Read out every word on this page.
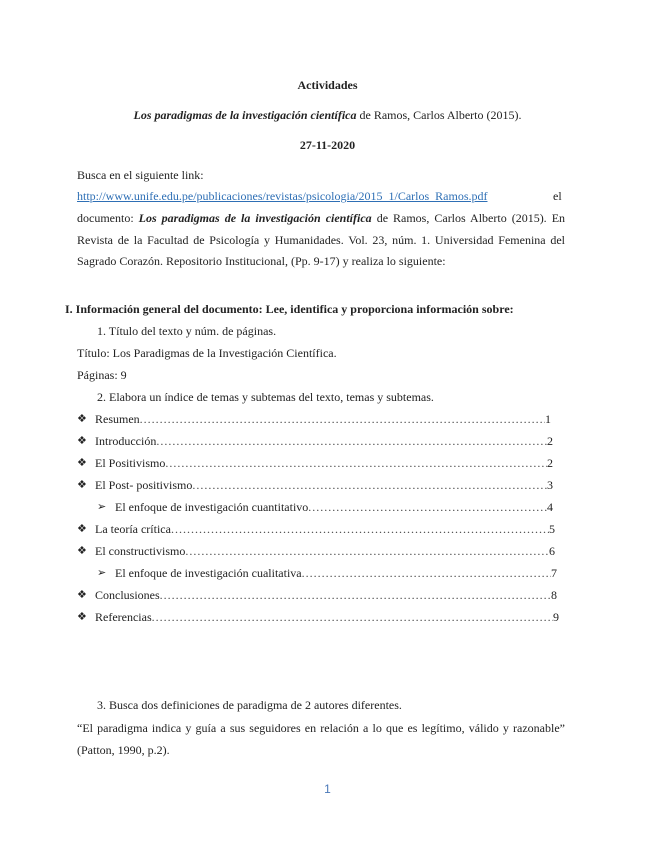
Actividades
Los paradigmas de la investigación científica de Ramos, Carlos Alberto (2015).
27-11-2020
Busca en el siguiente link:
http://www.unife.edu.pe/publicaciones/revistas/psicologia/2015_1/Carlos_Ramos.pdf	el
documento: Los paradigmas de la investigación científica de Ramos, Carlos Alberto (2015). En Revista de la Facultad de Psicología y Humanidades. Vol. 23, núm. 1. Universidad Femenina del Sagrado Corazón. Repositorio Institucional, (Pp. 9-17) y realiza lo siguiente:
I. Información general del documento: Lee, identifica y proporciona información sobre:
1. Título del texto y núm. de páginas.
Título: Los Paradigmas de la Investigación Científica.
Páginas: 9
2. Elabora un índice de temas y subtemas del texto, temas y subtemas.
❖ Resumen .....	1
❖ Introducción .....	2
❖ El Positivismo .....	2
❖ El Post- positivismo .....	3
➢ El enfoque de investigación cuantitativo .....	4
❖ La teoría crítica .....	5
❖ El constructivismo .....	6
➢ El enfoque de investigación cualitativa .....	7
❖ Conclusiones .....	8
❖ Referencias .....	9
3. Busca dos definiciones de paradigma de 2 autores diferentes.
“El paradigma indica y guía a sus seguidores en relación a lo que es legítimo, válido y razonable” (Patton, 1990, p.2).
1
